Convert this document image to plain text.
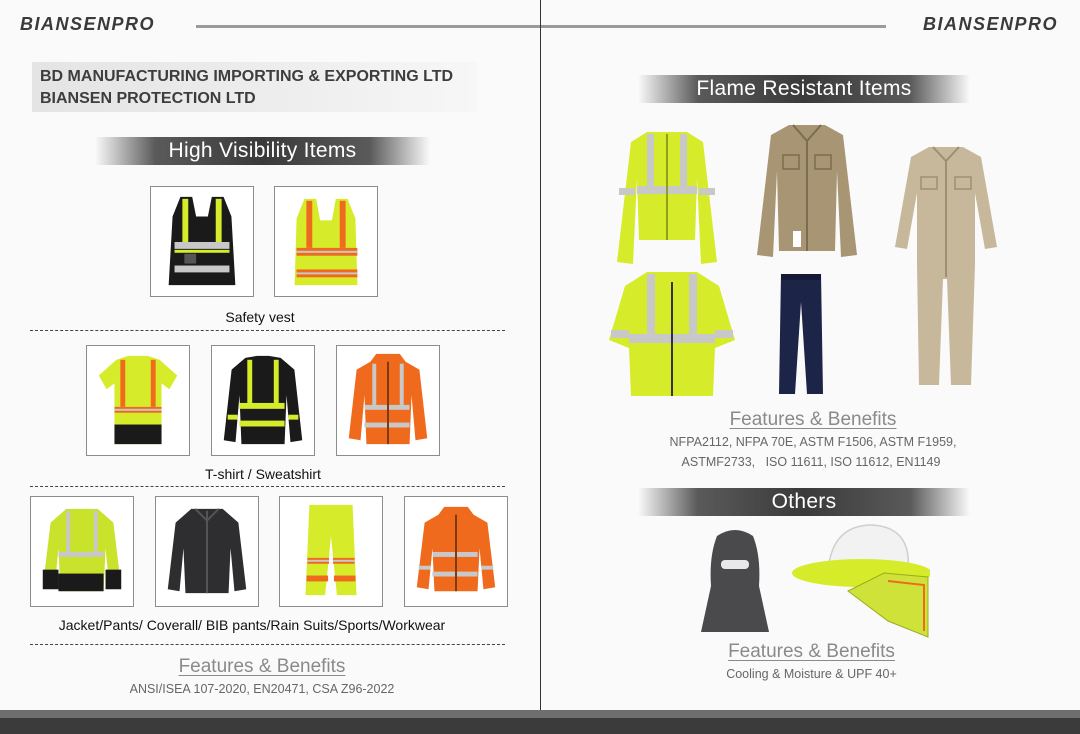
BIANSENPRO
BD MANUFACTURING IMPORTING & EXPORTING LTD
BIANSEN PROTECTION LTD
High Visibility Items
Safety vest
T-shirt / Sweatshirt
Jacket/Pants/ Coverall/ BIB pants/Rain Suits/Sports/Workwear
Features & Benefits
ANSI/ISEA 107-2020, EN20471, CSA Z96-2022
BIANSENPRO
Flame Resistant Items
Features & Benefits
NFPA2112, NFPA 70E, ASTM F1506, ASTM F1959,
ASTMF2733,   ISO 11611, ISO 11612, EN1149
Others
Features & Benefits
Cooling & Moisture & UPF 40+
